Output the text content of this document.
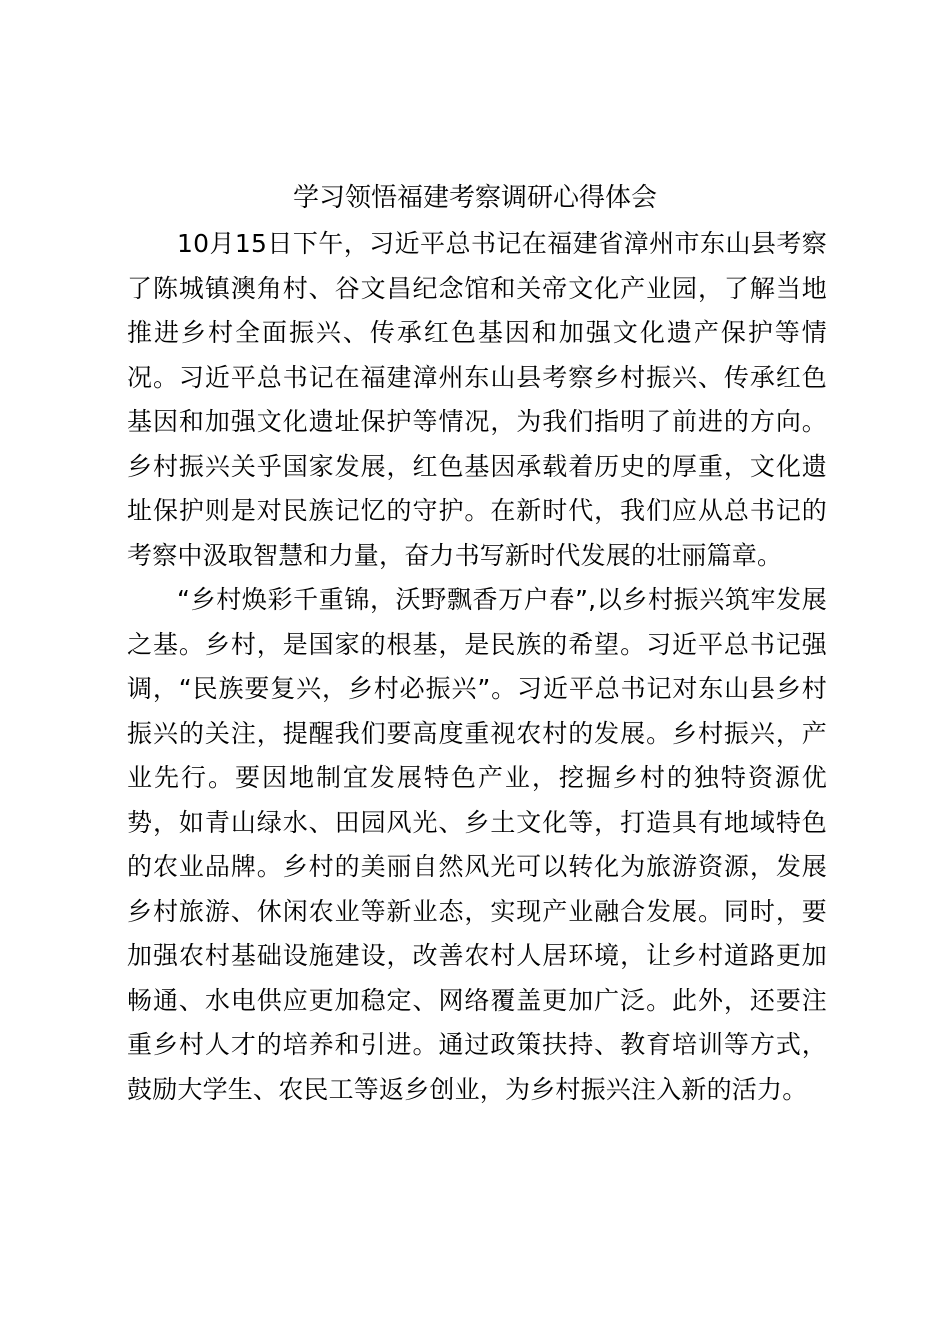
学习领悟福建考察调研心得体会

10月15日下午，习近平总书记在福建省漳州市东山县考察了陈城镇澳角村、谷文昌纪念馆和关帝文化产业园，了解当地推进乡村全面振兴、传承红色基因和加强文化遗产保护等情况。习近平总书记在福建漳州东山县考察乡村振兴、传承红色基因和加强文化遗址保护等情况，为我们指明了前进的方向。乡村振兴关乎国家发展，红色基因承载着历史的厚重，文化遗址保护则是对民族记忆的守护。在新时代，我们应从总书记的考察中汲取智慧和力量，奋力书写新时代发展的壮丽篇章。

“乡村焕彩千重锦，沃野飘香万户春”,以乡村振兴筑牢发展之基。乡村，是国家的根基，是民族的希望。习近平总书记强调，“民族要复兴，乡村必振兴”。习近平总书记对东山县乡村振兴的关注，提醒我们要高度重视农村的发展。乡村振兴，产业先行。要因地制宜发展特色产业，挖掘乡村的独特资源优势，如青山绿水、田园风光、乡土文化等，打造具有地域特色的农业品牌。乡村的美丽自然风光可以转化为旅游资源，发展乡村旅游、休闲农业等新业态，实现产业融合发展。同时，要加强农村基础设施建设，改善农村人居环境，让乡村道路更加畅通、水电供应更加稳定、网络覆盖更加广泛。此外，还要注重乡村人才的培养和引进。通过政策扶持、教育培训等方式，鼓励大学生、农民工等返乡创业，为乡村振兴注入新的活力。
